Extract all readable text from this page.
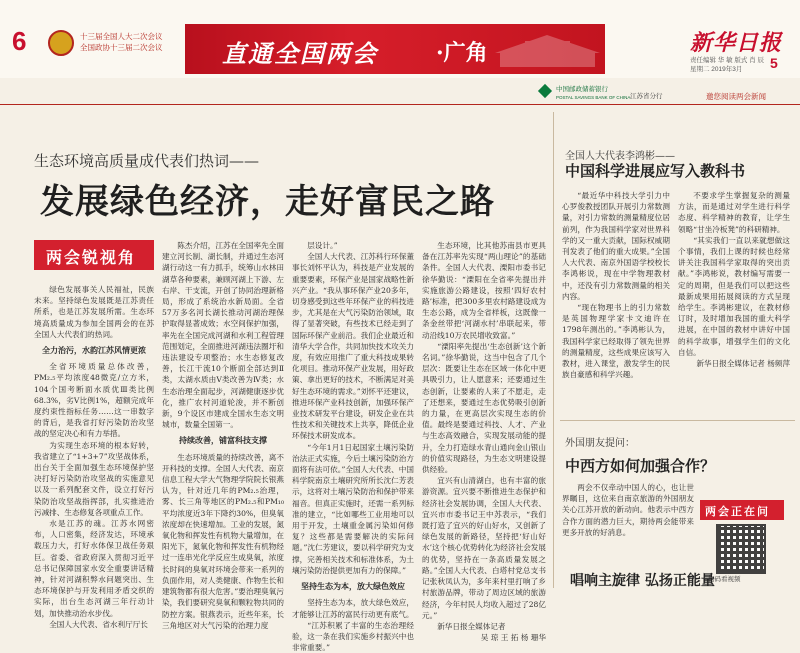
6	十三届全国人大二次会议
全国政协十三届二次会议 直通全国两会	·广角	新华日报
责任编辑 华 敏 版式 肖 辰
星期二 2019年3月	5
中国邮政储蓄银行
POSTAL SAVINGS BANK OF CHINA 江苏省分行	邀您阅读两会新闻
生态环境高质量成代表们热词——
发展绿色经济，走好富民之路
两会锐视角

绿色发展事关人民福祉，民族未来。坚持绿色发展既是江苏责任所系，也是江苏发展所需。生态环境高质量成为参加全国两会的在苏全国人大代表们的热词。

全力治污，水韵江苏风情更浓

全省环境质量总体改善，PM₂.₅平均浓度48微克/立方米，104个国考断面水质优Ⅲ类比例68.3%，劣Ⅴ比例1%，超额完成年度约束性指标任务……这一串数字的背后，是我省打好污染防治攻坚战的坚定决心和有力举措。

为实现生态环境的根本好转，我省建立了“1+3+7”攻坚战体系，出台关于全面加强生态环境保护坚决打好污染防治攻坚战的实施意见以及一系列配套文件，设立打好污染防治攻坚战指挥部，扎实推进治污减排、生态修复各项重点工作。

水是江苏的魂。江苏水网密布，人口密集，经济发达，环境承载压力大，打好水体保卫战任务艰巨。省委、省政府深入贯彻习近平总书记保障国家水安全重要讲话精神，针对河湖积弊水问题突出、生态环境保护与开发利用矛盾交织的实际，出台生态河湖三年行动计划，加快推动治水步伐。

全国人大代表、省水利厅厅长

陈杰介绍，江苏在全国率先全面建立河长制、湖长制，并通过生态河湖行动这一有力抓手，统筹山水林田湖草各种要素，兼顾河湖上下游、左右岸、干支流，开创了协同治理新格局，形成了系统治水新局面。全省57万多名河长湖长推动河湖治理保护取得显著成效；水空间保护加强，率先在全国完成河湖和水利工程管理范围划定，全面推进河湖违法圈圩和违法建设专项整治；水生态修复改善，长江干流10个断面全部达到Ⅱ类，太湖水质由Ⅴ类改善为Ⅳ类；水生态治理全面起步，河湖健康逐步优化，推广农村河道轮浚，并不断创新，9个设区市建成全国水生态文明城市，数量全国第一。

持续改善，铺富科技支撑

生态环境质量的持续改善，离不开科技的支撑。全国人大代表、南京信息工程大学大气物理学院院长银燕认为，针对近几年的PM₂.₅治理，雾、长三角等地区的PM₂.₅和PM₁₀平均浓度近3年下降约30%，但臭氧浓度却在快速增加。工业的发展，氮氧化物和挥发性有机物大量增加，在阳光下，氮氧化物和挥发性有机物经过一连串光化学反应生成臭氧，浓度长时间的臭氧对环境会带来一系列的负面作用，对人类健康、作物生长和建筑物都有很大危害。”要治理臭氧污染，我们要研究臭氧和颗粒物共同的防控方案。银燕表示，近些年来，长三角地区对大气污染的治理力度

层设计。”

全国人大代表、江苏科行环保董事长刘怀平认为，科技是产业发展的重要要素，环保产业是国家战略性新兴产业。“我从事环保产业20多年，切身感受到这些年环保产业的科技进步，尤其是在大气污染防治领域，取得了显著突破，有些技术已经走到了国际环保产业前沿。我们企业最近和清华大学合作，共同加快技术攻关力度，有效应用推广了重大科技成果转化项目。推动环保产业发展，用好政策、拿出更好的技术，不断满足对美好生态环境的需求。”刘怀平还建议，推进环保产业科技创新，加强环保产业技术研发平台建设，研发企业在共性技术和关键技术上共享，降低企业环保技术研发成本。

“今年1月1日起国家土壤污染防治法正式实施，今后土壤污染防治方面将有法可依。”全国人大代表、中国科学院南京土壤研究所所长沈仁芳表示，这将对土壤污染防治和保护带来福音。但真正实施时，还需一系列标准的建立，“比如哪些工业用地可以用于开发，土壤重金属污染如何修复？这些都是需要解决的实际问题。”沈仁芳建议，要以科学研究为支撑，完善相关技术和标准体系，为土壤污染防治提供更加有力的保障。”

坚持生态为本，放大绿色效应

坚持生态为本，放大绿色效应，才能够让江苏的富民行动更有底气。

“江苏积累了丰富的生态治理经验，这一条在我们实施乡村振兴中也非常重要。”

生态环境，比其他苏南县市更具备在江苏率先实现“两山理论”的基础条件。全国人大代表、溧阳市委书记徐华勤说：“溧阳在全省率先提出并实施旅游公路建设，按照‘四好农村路’标准，把300多里农村路建设成为生态公路，成为全省样板，这既像一条金丝带把‘河湖水村’串联起来，带动沿线10万农民增收致富。”

“溧阳率先提出‘生态创新’这个新名词。”徐华勤说，这当中包含了几个层次：既要让生态在区域一体化中更具吸引力，让人愿意来；还要通过生态创新，让要素的人来了不愿走，走了还想来，要通过生态优势吸引创新的力量，在更高层次实现生态的价值。最终是要通过科技、人才、产业与生态高效融合，实现发展动能的提升，全力打造绿水青山通向金山银山的价值实现路径，为生态文明建设提供经验。

宜兴有山清湖白，也有丰富的旅游资源。宜兴要不断推进生态保护和经济社会发展协调，全国人大代表、宜兴市市委书记王中苏表示，“我们既打造了宜兴的好山好水，又创新了绿色发展的新路径，坚持把‘好山好水’这个核心优势转化为经济社会发展的优势，坚持在一条高质量发展之路。”全国人大代表、白塔村党总支书记张秋凤认为，多年来村里打响了乡村旅游品牌，带动了周边区域的旅游经济，今年村民人均收入超过了28亿元。”

新华日报全媒体记者

吴 琼 王 拓 杨 珊华

全国人大代表李鸿彬——
中国科学进展应写入教科书

“最近华中科技大学引力中心罗俊教授团队开展引力常数测量，对引力常数的测量精度位居前列，作为我国科学家对世界科学的又一重大贡献，国际权威期刊发表了他们的重大成果。”全国人大代表、南京外国语学校校长李鸿彬说，现在中学物理教材中，还没有引力常数测量的相关内容。

“现在物理书上的引力常数是英国物理学家卡文迪许在1798年测出的。”李鸿彬认为，我国科学家已经取得了领先世界的测量精度，这些成果应该写入教材，进入课堂，激发学生的民族自豪感和科学兴趣。

不要求学生掌握复杂的测量方法，而是通过对学生进行科学态度、科学精神的教育，让学生领略“甘坐冷板凳”的科研精神。

“其实我们一直以来就想做这个事情，我们上课的时候也经常讲关注我国科学家取得的突出贡献。”李鸿彬说，教材编写需要一定的周期，但是我们可以把这些最新成果用拓展阅读的方式呈现给学生。李鸿彬建议，在教材修订时，及时增加我国的重大科学进展，在中国的教材中讲好中国的科学故事，增强学生们的文化自信。

新华日报全媒体记者 杨频萍

外国朋友提问：
中西方如何加强合作？

两会不仅牵动中国人的心，也让世界瞩目，这位来自南京旅游的外国朋友关心江苏开放的新动向。他表示中西方合作方面的潜力巨大，期待两会能带来更多开放的好消息。

两会正在问
扫码看视频
唱响主旋律 弘扬正能量
